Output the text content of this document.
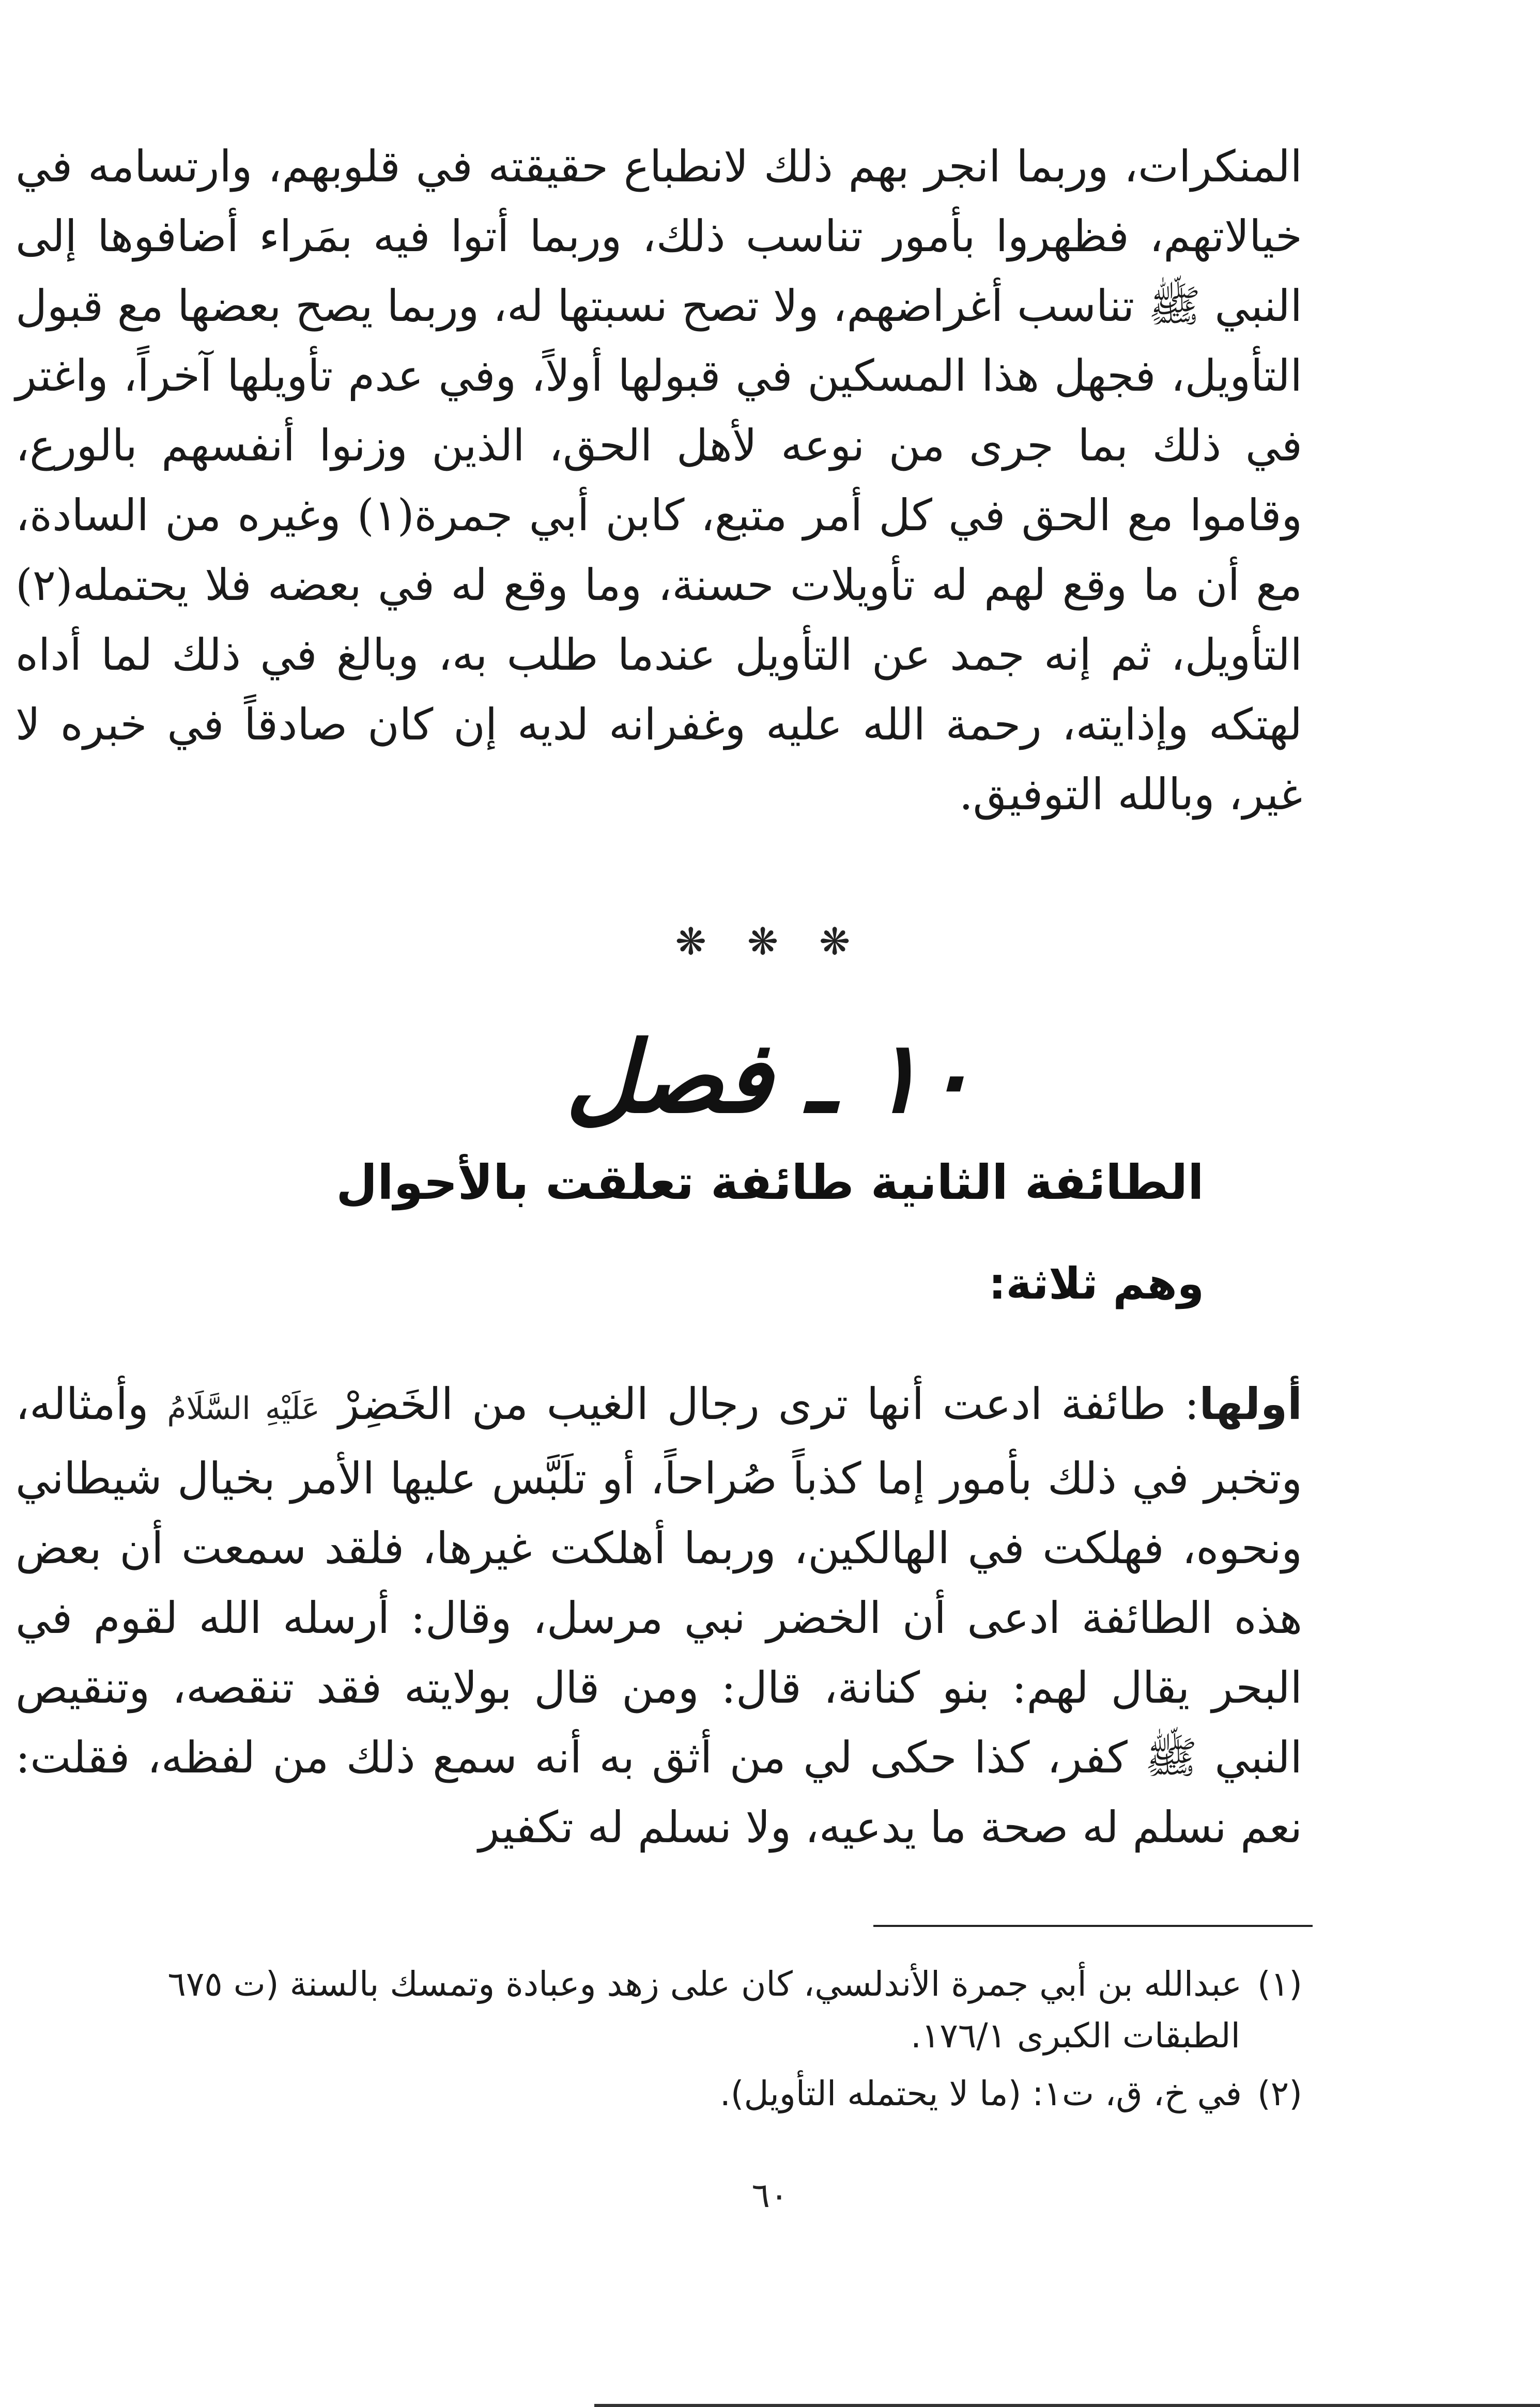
المنكرات، وربما انجر بهم ذلك لانطباع حقيقته في قلوبهم، وارتسامه في خيالاتهم، فظهروا بأمور تناسب ذلك، وربما أتوا فيه بمَراء أضافوها إلى النبي ﷺ تناسب أغراضهم، ولا تصح نسبتها له، وربما يصح بعضها مع قبول التأويل، فجهل هذا المسكين في قبولها أولاً، وفي عدم تأويلها آخراً، واغتر في ذلك بما جرى من نوعه لأهل الحق، الذين وزنوا أنفسهم بالورع، وقاموا مع الحق في كل أمر متبع، كابن أبي جمرة(١) وغيره من السادة، مع أن ما وقع لهم له تأويلات حسنة، وما وقع له في بعضه فلا يحتمله(٢) التأويل، ثم إنه جمد عن التأويل عندما طلب به، وبالغ في ذلك لما أداه لهتكه وإذايته، رحمة الله عليه وغفرانه لديه إن كان صادقاً في خبره لا غير، وبالله التوفيق.

❋ ❋ ❋
١٠ ـ فصل
الطائفة الثانية طائفة تعلقت بالأحوال
وهم ثلاثة:

أولها: طائفة ادعت أنها ترى رجال الغيب من الخَضِرْ عَلَيْهِ السَّلَامُ وأمثاله، وتخبر في ذلك بأمور إما كذباً صُراحاً، أو تلَبَّس عليها الأمر بخيال شيطاني ونحوه، فهلكت في الهالكين، وربما أهلكت غيرها، فلقد سمعت أن بعض هذه الطائفة ادعى أن الخضر نبي مرسل، وقال: أرسله الله لقوم في البحر يقال لهم: بنو كنانة، قال: ومن قال بولايته فقد تنقصه، وتنقيص النبي ﷺ كفر، كذا حكى لي من أثق به أنه سمع ذلك من لفظه، فقلت: نعم نسلم له صحة ما يدعيه، ولا نسلم له تكفير

(١)عبدالله بن أبي جمرة الأندلسي، كان على زهد وعبادة وتمسك بالسنة (ت ٦٧٥
الطبقات الكبرى ١٧٦/١.
(٢)في خ، ق، ت١: (ما لا يحتمله التأويل).
٦٠
